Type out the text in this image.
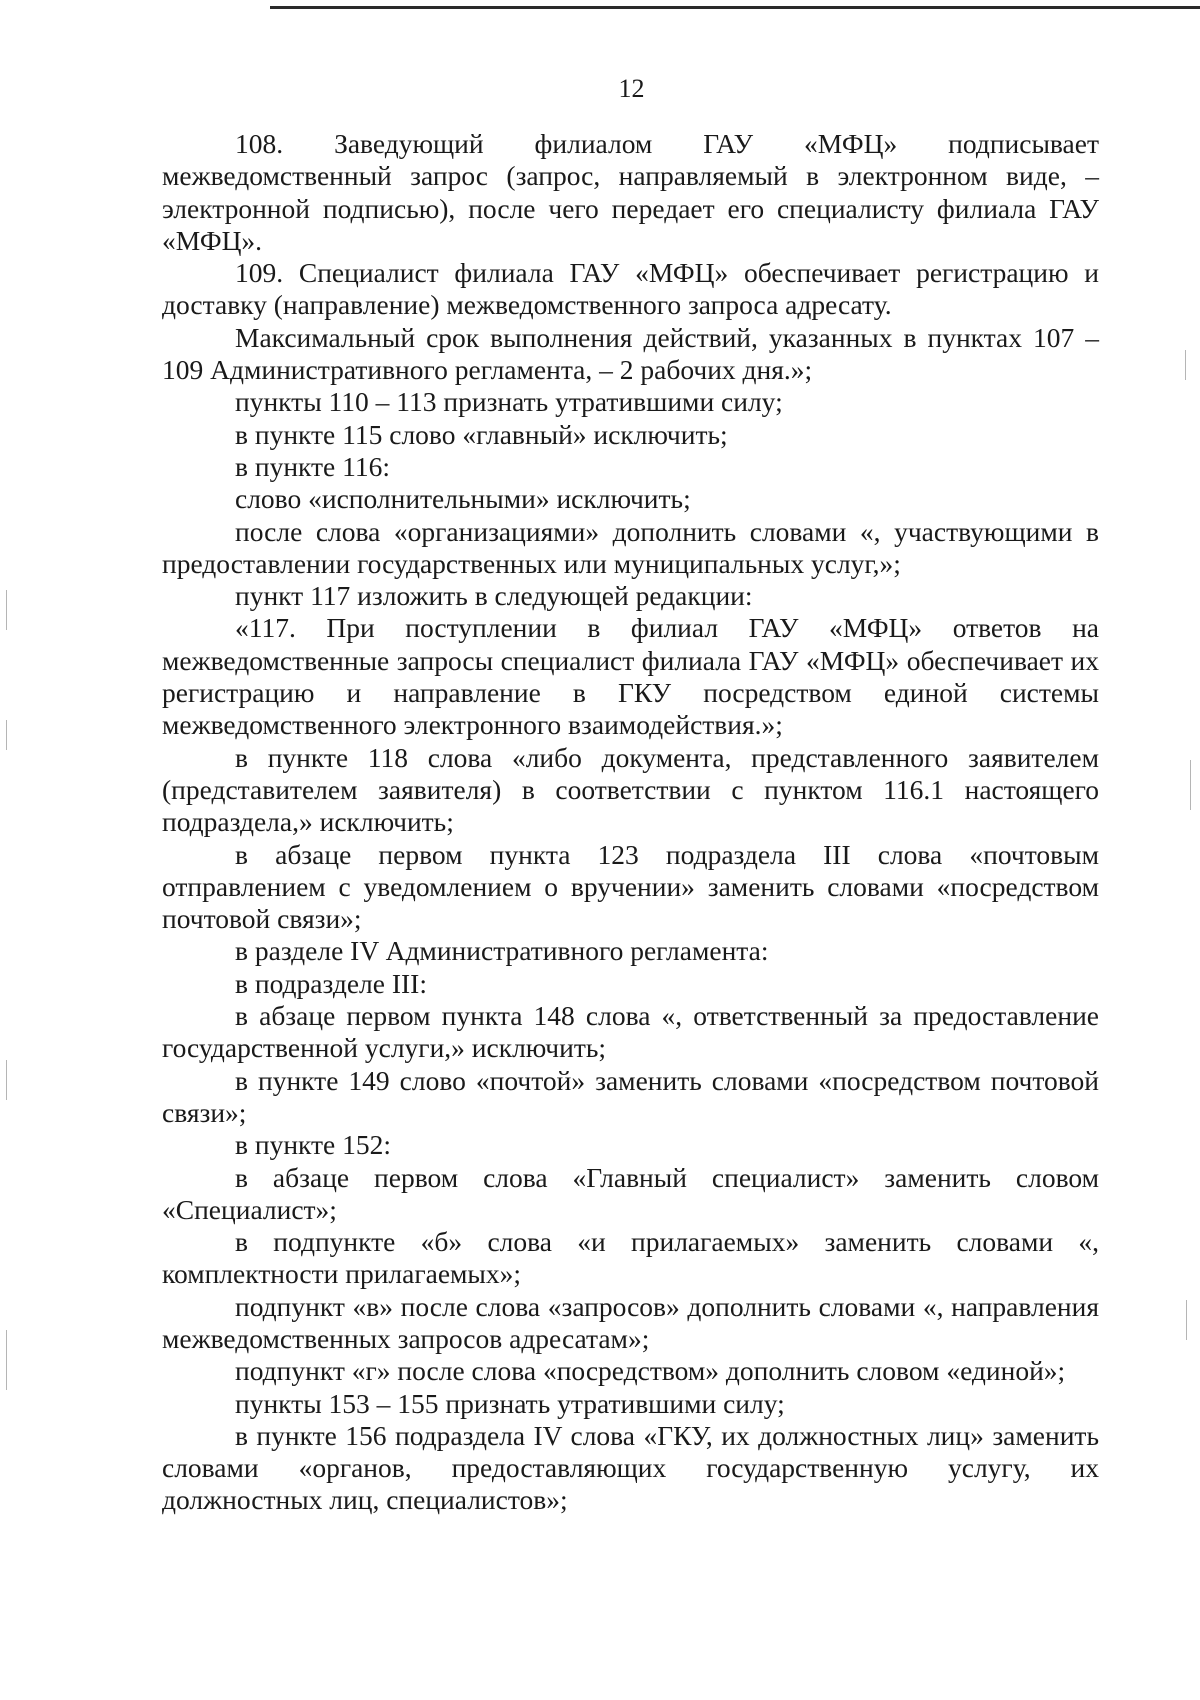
12

108. Заведующий филиалом ГАУ «МФЦ» подписывает межведомственный запрос (запрос, направляемый в электронном виде, – электронной подписью), после чего передает его специалисту филиала ГАУ «МФЦ».

109. Специалист филиала ГАУ «МФЦ» обеспечивает регистрацию и доставку (направление) межведомственного запроса адресату.

Максимальный срок выполнения действий, указанных в пунктах 107 – 109 Административного регламента, – 2 рабочих дня.»;

пункты 110 – 113 признать утратившими силу;

в пункте 115 слово «главный» исключить;

в пункте 116:

слово «исполнительными» исключить;

после слова «организациями» дополнить словами «, участвующими в предоставлении государственных или муниципальных услуг,»;

пункт 117 изложить в следующей редакции:

«117. При поступлении в филиал ГАУ «МФЦ» ответов на межведомственные запросы специалист филиала ГАУ «МФЦ» обеспечивает их регистрацию и направление в ГКУ посредством единой системы межведомственного электронного взаимодействия.»;

в пункте 118 слова «либо документа, представленного заявителем (представителем заявителя) в соответствии с пунктом 116.1 настоящего подраздела,» исключить;

в абзаце первом пункта 123 подраздела III слова «почтовым отправлением с уведомлением о вручении» заменить словами «посредством почтовой связи»;

в разделе IV Административного регламента:

в подразделе III:

в абзаце первом пункта 148 слова «, ответственный за предоставление государственной услуги,» исключить;

в пункте 149 слово «почтой» заменить словами «посредством почтовой связи»;

в пункте 152:

в абзаце первом слова «Главный специалист» заменить словом «Специалист»;

в подпункте «б» слова «и прилагаемых» заменить словами «, комплектности прилагаемых»;

подпункт «в» после слова «запросов» дополнить словами «, направления межведомственных запросов адресатам»;

подпункт «г» после слова «посредством» дополнить словом «единой»;

пункты 153 – 155 признать утратившими силу;

в пункте 156 подраздела IV слова «ГКУ, их должностных лиц» заменить словами «органов, предоставляющих государственную услугу, их должностных лиц, специалистов»;
